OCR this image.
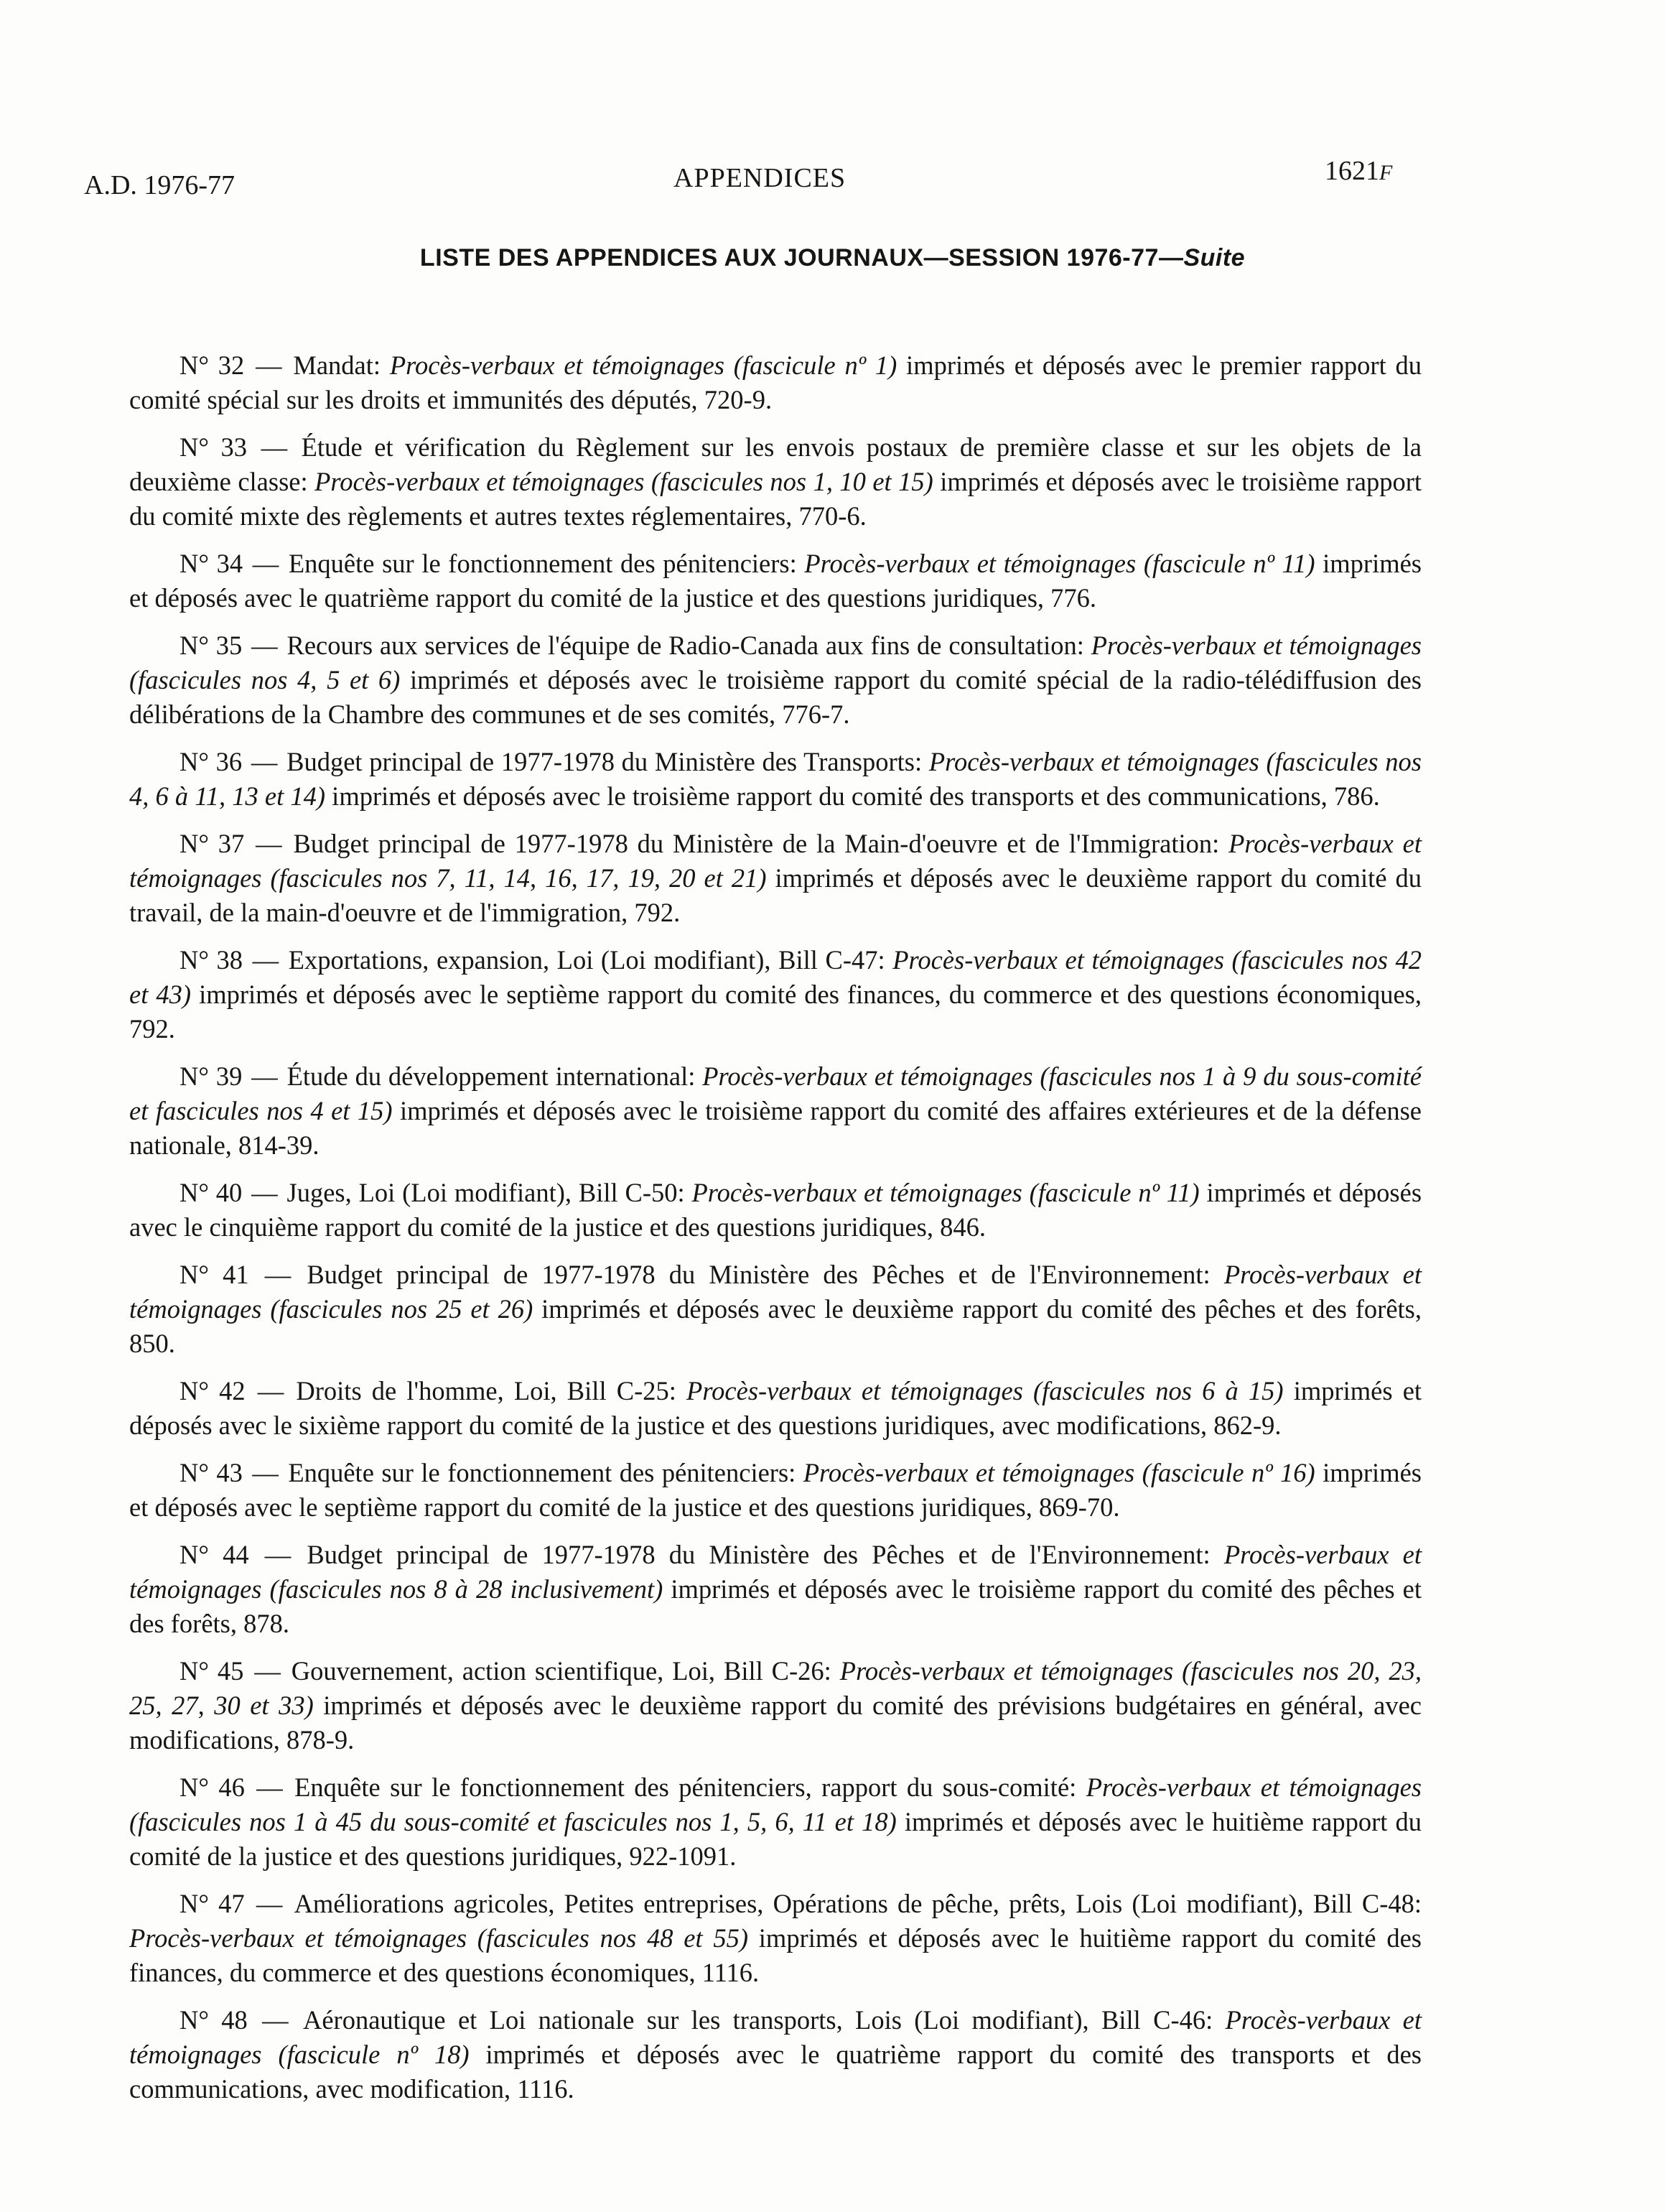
A.D. 1976-77	APPENDICES	1621F
LISTE DES APPENDICES AUX JOURNAUX—SESSION 1976-77—Suite

N° 32 — Mandat: Procès-verbaux et témoignages (fascicule nº 1) imprimés et déposés avec le premier rapport du comité spécial sur les droits et immunités des députés, 720-9.

N° 33 — Étude et vérification du Règlement sur les envois postaux de première classe et sur les objets de la deuxième classe: Procès-verbaux et témoignages (fascicules nos 1, 10 et 15) imprimés et déposés avec le troisième rapport du comité mixte des règlements et autres textes réglementaires, 770-6.

N° 34 — Enquête sur le fonctionnement des pénitenciers: Procès-verbaux et témoignages (fascicule nº 11) imprimés et déposés avec le quatrième rapport du comité de la justice et des questions juridiques, 776.

N° 35 — Recours aux services de l'équipe de Radio-Canada aux fins de consultation: Procès-verbaux et témoignages (fascicules nos 4, 5 et 6) imprimés et déposés avec le troisième rapport du comité spécial de la radio-télédiffusion des délibérations de la Chambre des communes et de ses comités, 776-7.

N° 36 — Budget principal de 1977-1978 du Ministère des Transports: Procès-verbaux et témoignages (fascicules nos 4, 6 à 11, 13 et 14) imprimés et déposés avec le troisième rapport du comité des transports et des communications, 786.

N° 37 — Budget principal de 1977-1978 du Ministère de la Main-d'oeuvre et de l'Immigration: Procès-verbaux et témoignages (fascicules nos 7, 11, 14, 16, 17, 19, 20 et 21) imprimés et déposés avec le deuxième rapport du comité du travail, de la main-d'oeuvre et de l'immigration, 792.

N° 38 — Exportations, expansion, Loi (Loi modifiant), Bill C-47: Procès-verbaux et témoignages (fascicules nos 42 et 43) imprimés et déposés avec le septième rapport du comité des finances, du commerce et des questions économiques, 792.

N° 39 — Étude du développement international: Procès-verbaux et témoignages (fascicules nos 1 à 9 du sous-comité et fascicules nos 4 et 15) imprimés et déposés avec le troisième rapport du comité des affaires extérieures et de la défense nationale, 814-39.

N° 40 — Juges, Loi (Loi modifiant), Bill C-50: Procès-verbaux et témoignages (fascicule nº 11) imprimés et déposés avec le cinquième rapport du comité de la justice et des questions juridiques, 846.

N° 41 — Budget principal de 1977-1978 du Ministère des Pêches et de l'Environnement: Procès-verbaux et témoignages (fascicules nos 25 et 26) imprimés et déposés avec le deuxième rapport du comité des pêches et des forêts, 850.

N° 42 — Droits de l'homme, Loi, Bill C-25: Procès-verbaux et témoignages (fascicules nos 6 à 15) imprimés et déposés avec le sixième rapport du comité de la justice et des questions juridiques, avec modifications, 862-9.

N° 43 — Enquête sur le fonctionnement des pénitenciers: Procès-verbaux et témoignages (fascicule nº 16) imprimés et déposés avec le septième rapport du comité de la justice et des questions juridiques, 869-70.

N° 44 — Budget principal de 1977-1978 du Ministère des Pêches et de l'Environnement: Procès-verbaux et témoignages (fascicules nos 8 à 28 inclusivement) imprimés et déposés avec le troisième rapport du comité des pêches et des forêts, 878.

N° 45 — Gouvernement, action scientifique, Loi, Bill C-26: Procès-verbaux et témoignages (fascicules nos 20, 23, 25, 27, 30 et 33) imprimés et déposés avec le deuxième rapport du comité des prévisions budgétaires en général, avec modifications, 878-9.

N° 46 — Enquête sur le fonctionnement des pénitenciers, rapport du sous-comité: Procès-verbaux et témoignages (fascicules nos 1 à 45 du sous-comité et fascicules nos 1, 5, 6, 11 et 18) imprimés et déposés avec le huitième rapport du comité de la justice et des questions juridiques, 922-1091.

N° 47 — Améliorations agricoles, Petites entreprises, Opérations de pêche, prêts, Lois (Loi modifiant), Bill C-48: Procès-verbaux et témoignages (fascicules nos 48 et 55) imprimés et déposés avec le huitième rapport du comité des finances, du commerce et des questions économiques, 1116.

N° 48 — Aéronautique et Loi nationale sur les transports, Lois (Loi modifiant), Bill C-46: Procès-verbaux et témoignages (fascicule nº 18) imprimés et déposés avec le quatrième rapport du comité des transports et des communications, avec modification, 1116.
